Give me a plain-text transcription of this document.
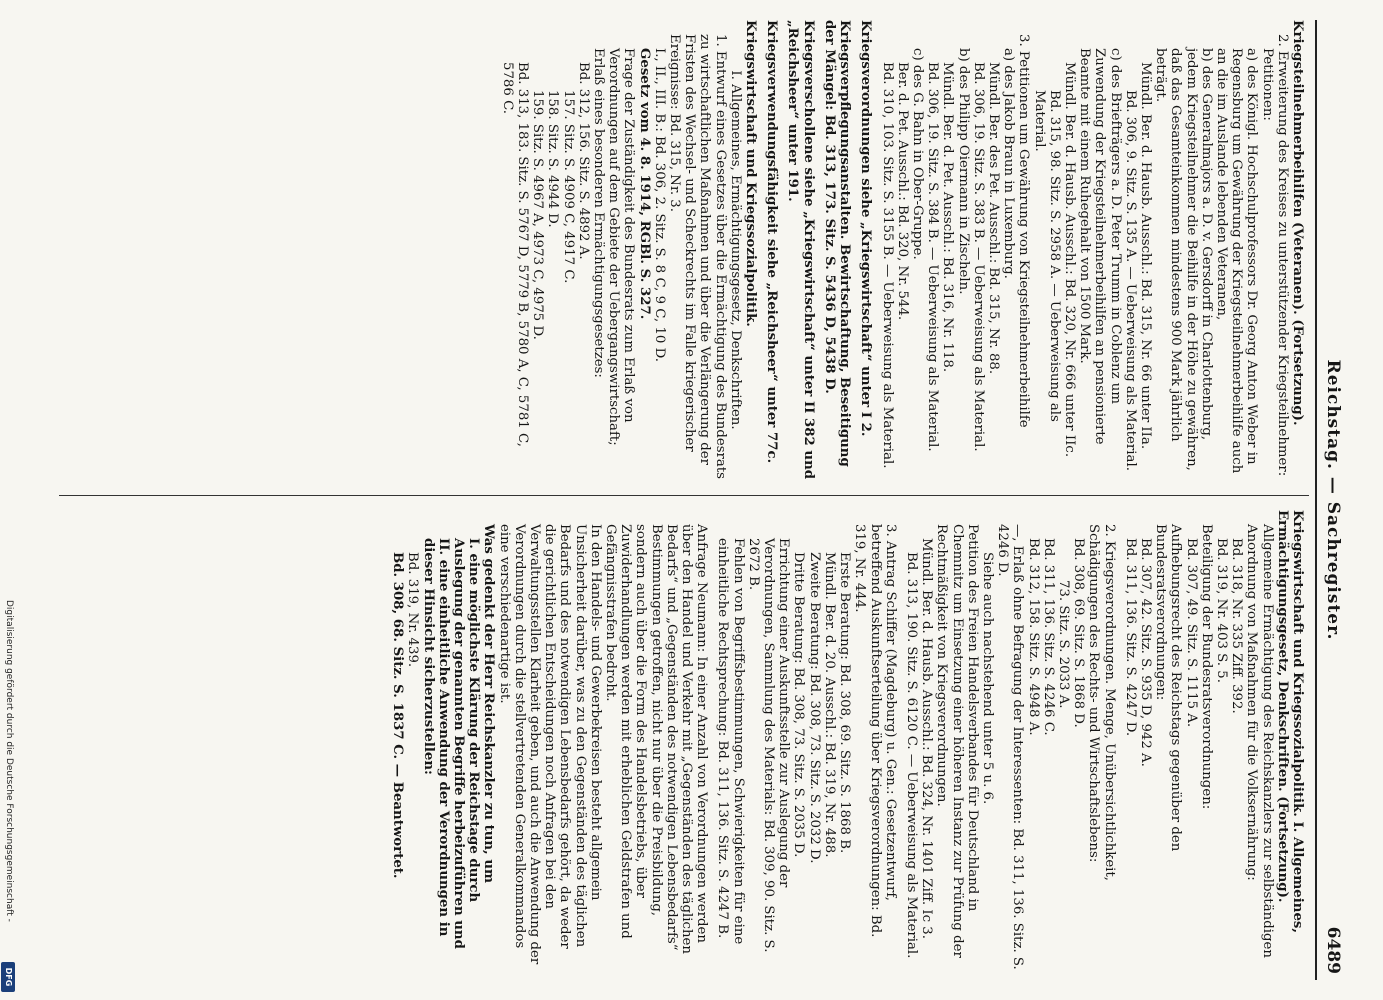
Reichstag. — Sachregister.
6489

Kriegsteilnehmerbeihilfen (Veteranen). (Fortsetzung).

2. Erweiterung des Kreises zu unterstützender Kriegsteilnehmer:

Petitionen:

a) des Königl. Hochschulprofessors Dr. Georg Anton Weber in Regensburg um Gewährung der Kriegsteilnehmerbeihilfe auch an die im Auslande lebenden Veteranen,

b) des Generalmajors a. D. v. Gersdorff in Charlottenburg, jedem Kriegsteilnehmer die Beihilfe in der Höhe zu gewähren, daß das Gesamteinkommen mindestens 900 Mark jährlich beträgt.

Mündl. Ber. d. Hausb. Ausschl.: Bd. 315, Nr. 66 unter IIa.

Bd. 306, 9. Sitz. S. 135 A. — Ueberweisung als Material.

c) des Briefträgers a. D. Peter Trumm in Coblenz um Zuwendung der Kriegsteilnehmerbeihilfen an pensionierte Beamte mit einem Ruhegehalt von 1500 Mark.

Mündl. Ber. d. Hausb. Ausschl.: Bd. 320, Nr. 666 unter IIc.

Bd. 315, 98. Sitz. S. 2958 A. — Ueberweisung als Material.

3. Petitionen um Gewährung von Kriegsteilnehmerbeihilfe

a) des Jakob Braun in Luxemburg.

Mündl. Ber. des Pet. Ausschl.: Bd. 315, Nr. 88.

Bd. 306, 19. Sitz. S. 383 B. — Ueberweisung als Material.

b) des Philipp Oiermann in Zischeln.

Mündl. Ber. d. Pet. Ausschl.: Bd. 316, Nr. 118.

Bd. 306, 19. Sitz. S. 384 B. — Ueberweisung als Material.

c) des G. Bahn in Ober-Gruppe.

Ber. d. Pet. Ausschl.: Bd. 320, Nr. 544.

Bd. 310, 103. Sitz. S. 3155 B. — Ueberweisung als Material.

Kriegsverordnungen siehe „Kriegswirtschaft“ unter I 2.

Kriegsverpflegungsanstalten. Bewirtschaftung, Beseitigung der Mängel: Bd. 313, 173. Sitz. S. 5436 D, 5438 D.

Kriegsverschollene siehe „Kriegswirtschaft“ unter II 382 und „Reichsheer“ unter 191.

Kriegsverwendungsfähigkeit siehe „Reichsheer“ unter 77c.

Kriegswirtschaft und Kriegssozialpolitik.

I. Allgemeines, Ermächtigungsgesetz, Denkschriften.

1. Entwurf eines Gesetzes über die Ermächtigung des Bundesrats zu wirtschaftlichen Maßnahmen und über die Verlängerung der Fristen des Wechsel- und Scheckrechts im Falle kriegerischer Ereignisse: Bd. 315, Nr. 3.

I., II., III. B.: Bd. 306, 2. Sitz. S. 8 C, 9 C, 10 D.

Gesetz vom 4. 8. 1914, RGBl. S. 327.

Frage der Zuständigkeit des Bundesrats zum Erlaß von Verordnungen auf dem Gebiete der Uebergangswirtschaft; Erlaß eines besonderen Ermächtigungsgesetzes:

Bd. 312, 156. Sitz. S. 4892 A.

157. Sitz. S. 4909 C, 4917 C.

158. Sitz. S. 4944 D.

159. Sitz. S. 4967 A, 4973 C, 4975 D.

Bd. 313, 183. Sitz. S. 5767 D, 5779 B, 5780 A, C, 5781 C, 5786 C.

Kriegswirtschaft und Kriegssozialpolitik. I. Allgemeines, Ermächtigungsgesetz, Denkschriften. (Fortsetzung).

Allgemeine Ermächtigung des Reichskanzlers zur selbständigen Anordnung von Maßnahmen für die Volksernährung:

Bd. 318, Nr. 335 Ziff. 392.

Bd. 319, Nr. 403 S. 5.

Beteiligung der Bundesratsverordnungen:

Bd. 307, 49. Sitz. S. 1115 A.

Aufhebungsrecht des Reichstags gegenüber den Bundesratsverordnungen:

Bd. 307, 42. Sitz. S. 935 D, 942 A.

Bd. 311, 136. Sitz. S. 4247 D.

2. Kriegsverordnungen. Menge, Unübersichtlichkeit, Schädigungen des Rechts- und Wirtschaftslebens:

Bd. 308, 69. Sitz. S. 1868 D.

73. Sitz. S. 2033 A.

Bd. 311, 136. Sitz. S. 4246 C.

Bd. 312, 158. Sitz. S. 4948 A.

—, Erlaß ohne Befragung der Interessenten: Bd. 311, 136. Sitz. S. 4246 D.

Siehe auch nachstehend unter 5 u. 6.

Petition des Freien Handelsverbandes für Deutschland in Chemnitz um Einsetzung einer höheren Instanz zur Prüfung der Rechtmäßigkeit von Kriegsverordnungen.

Mündl. Ber. d. Hausb. Ausschl.: Bd. 324, Nr. 1401 Ziff. Ic 3.

Bd. 313, 190. Sitz. S. 6120 C. — Ueberweisung als Material.

3. Antrag Schiffer (Magdeburg) u. Gen.: Gesetzentwurf, betreffend Auskunftserteilung über Kriegsverordnungen: Bd. 319, Nr. 444.

Erste Beratung: Bd. 308, 69. Sitz. S. 1868 B.

Mündl. Ber. d. 20. Ausschl.: Bd. 319, Nr. 488.

Zweite Beratung: Bd. 308, 73. Sitz. S. 2032 D.

Dritte Beratung: Bd. 308, 73. Sitz. S. 2035 D.

Errichtung einer Auskunftsstelle zur Auslegung der Verordnungen, Sammlung des Materials: Bd. 309, 90. Sitz. S. 2672 B.

Fehlen von Begriffsbestimmungen, Schwierigkeiten für eine einheitliche Rechtsprechung: Bd. 311, 136. Sitz. S. 4247 B.

Anfrage Neumann: In einer Anzahl von Verordnungen werden über den Handel und Verkehr mit „Gegenständen des täglichen Bedarfs“ und „Gegenständen des notwendigen Lebensbedarfs“ Bestimmungen getroffen, nicht nur über die Preisbildung, sondern auch über die Form des Handelsbetriebs, über Zuwiderhandlungen werden mit erheblichen Geldstrafen und Gefängnisstrafen bedroht.

In den Handels- und Gewerbekreisen besteht allgemein Unsicherheit darüber, was zu den Gegenständen des täglichen Bedarfs und des notwendigen Lebensbedarfs gehört, da weder die gerichtlichen Entscheidungen noch Anfragen bei den Verwaltungsstellen Klarheit geben, und auch die Anwendung der Verordnungen durch die stellvertretenden Generalkommandos eine verschiedenartige ist.

Was gedenkt der Herr Reichskanzler zu tun, um

I. eine möglichste Klärung der Reichstage durch Auslegung der genannten Begriffe herbeizuführen und

II. eine einheitliche Anwendung der Verordnungen in dieser Hinsicht sicherzustellen:

Bd. 319, Nr. 439.

Bd. 308, 68. Sitz. S. 1837 C. — Beantwortet.

Digitalisierung gefördert durch die Deutsche Forschungsgemeinschaft -
DFG
